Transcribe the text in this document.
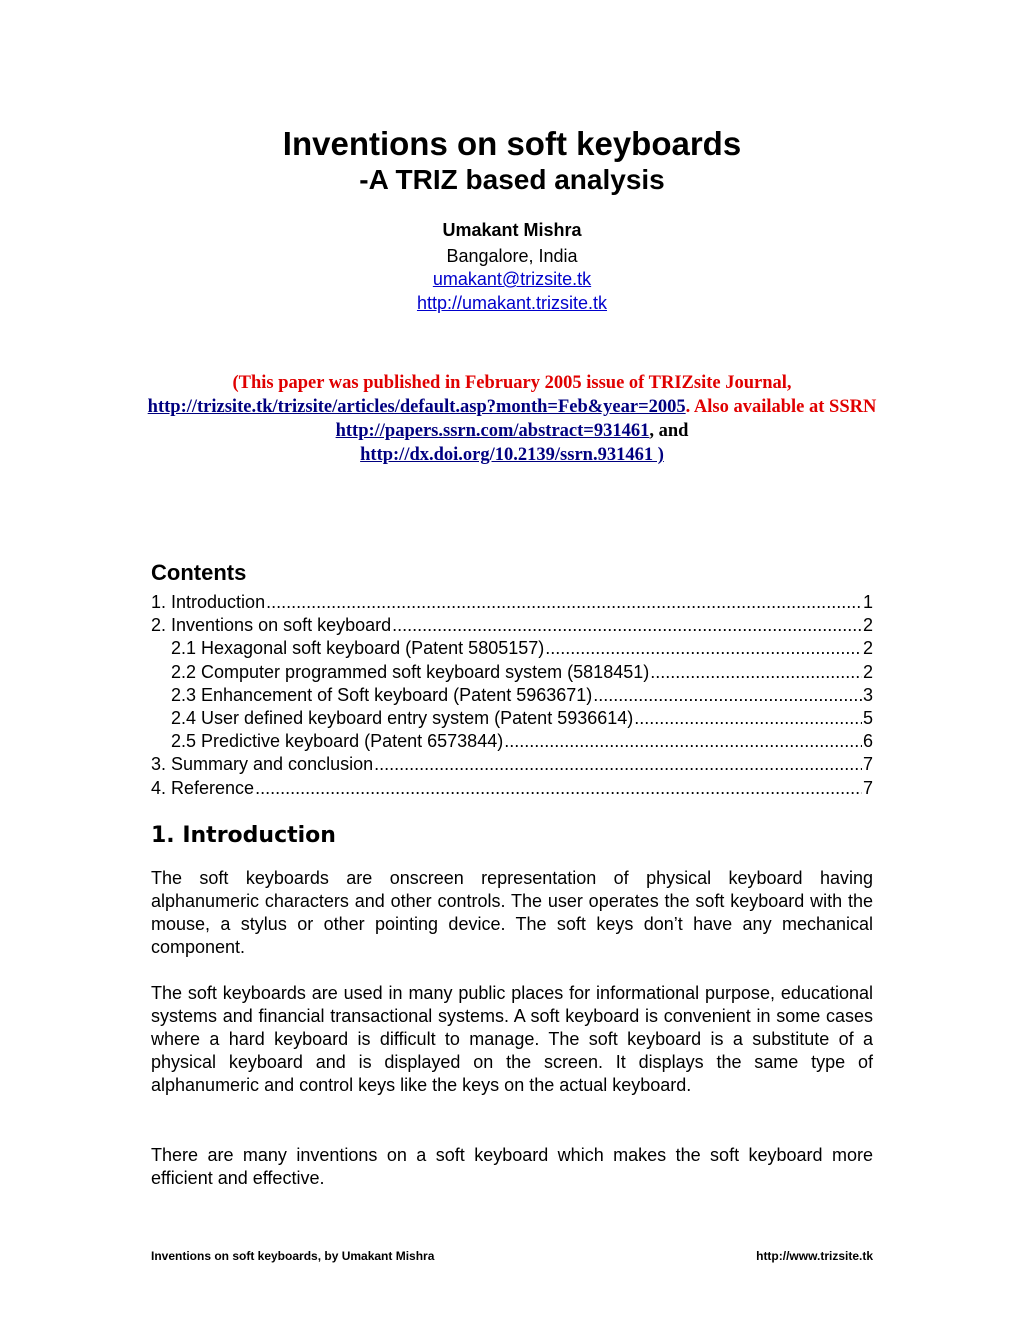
Inventions on soft keyboards
-A TRIZ based analysis
Umakant Mishra
Bangalore, India
umakant@trizsite.tk
http://umakant.trizsite.tk
(This paper was published in February 2005 issue of TRIZsite Journal,
http://trizsite.tk/trizsite/articles/default.asp?month=Feb&year=2005. Also available at SSRN http://papers.ssrn.com/abstract=931461, and
http://dx.doi.org/10.2139/ssrn.931461 )
Contents
1. Introduction .....	1
2. Inventions on soft keyboard .....	2
2.1 Hexagonal soft keyboard (Patent 5805157) .....	2
2.2 Computer programmed soft keyboard system (5818451) .....	2
2.3 Enhancement of Soft keyboard (Patent 5963671) .....	3
2.4 User defined keyboard entry system (Patent 5936614) .....	5
2.5 Predictive keyboard (Patent 6573844) .....	6
3. Summary and conclusion .....	7
4. Reference .....	7
1. Introduction
The soft keyboards are onscreen representation of physical keyboard having alphanumeric characters and other controls. The user operates the soft keyboard with the mouse, a stylus or other pointing device. The soft keys don’t have any mechanical component.
The soft keyboards are used in many public places for informational purpose, educational systems and financial transactional systems. A soft keyboard is convenient in some cases where a hard keyboard is difficult to manage. The soft keyboard is a substitute of a physical keyboard and is displayed on the screen. It displays the same type of alphanumeric and control keys like the keys on the actual keyboard.
There are many inventions on a soft keyboard which makes the soft keyboard more efficient and effective.
Inventions on soft keyboards, by Umakant Mishra	http://www.trizsite.tk
